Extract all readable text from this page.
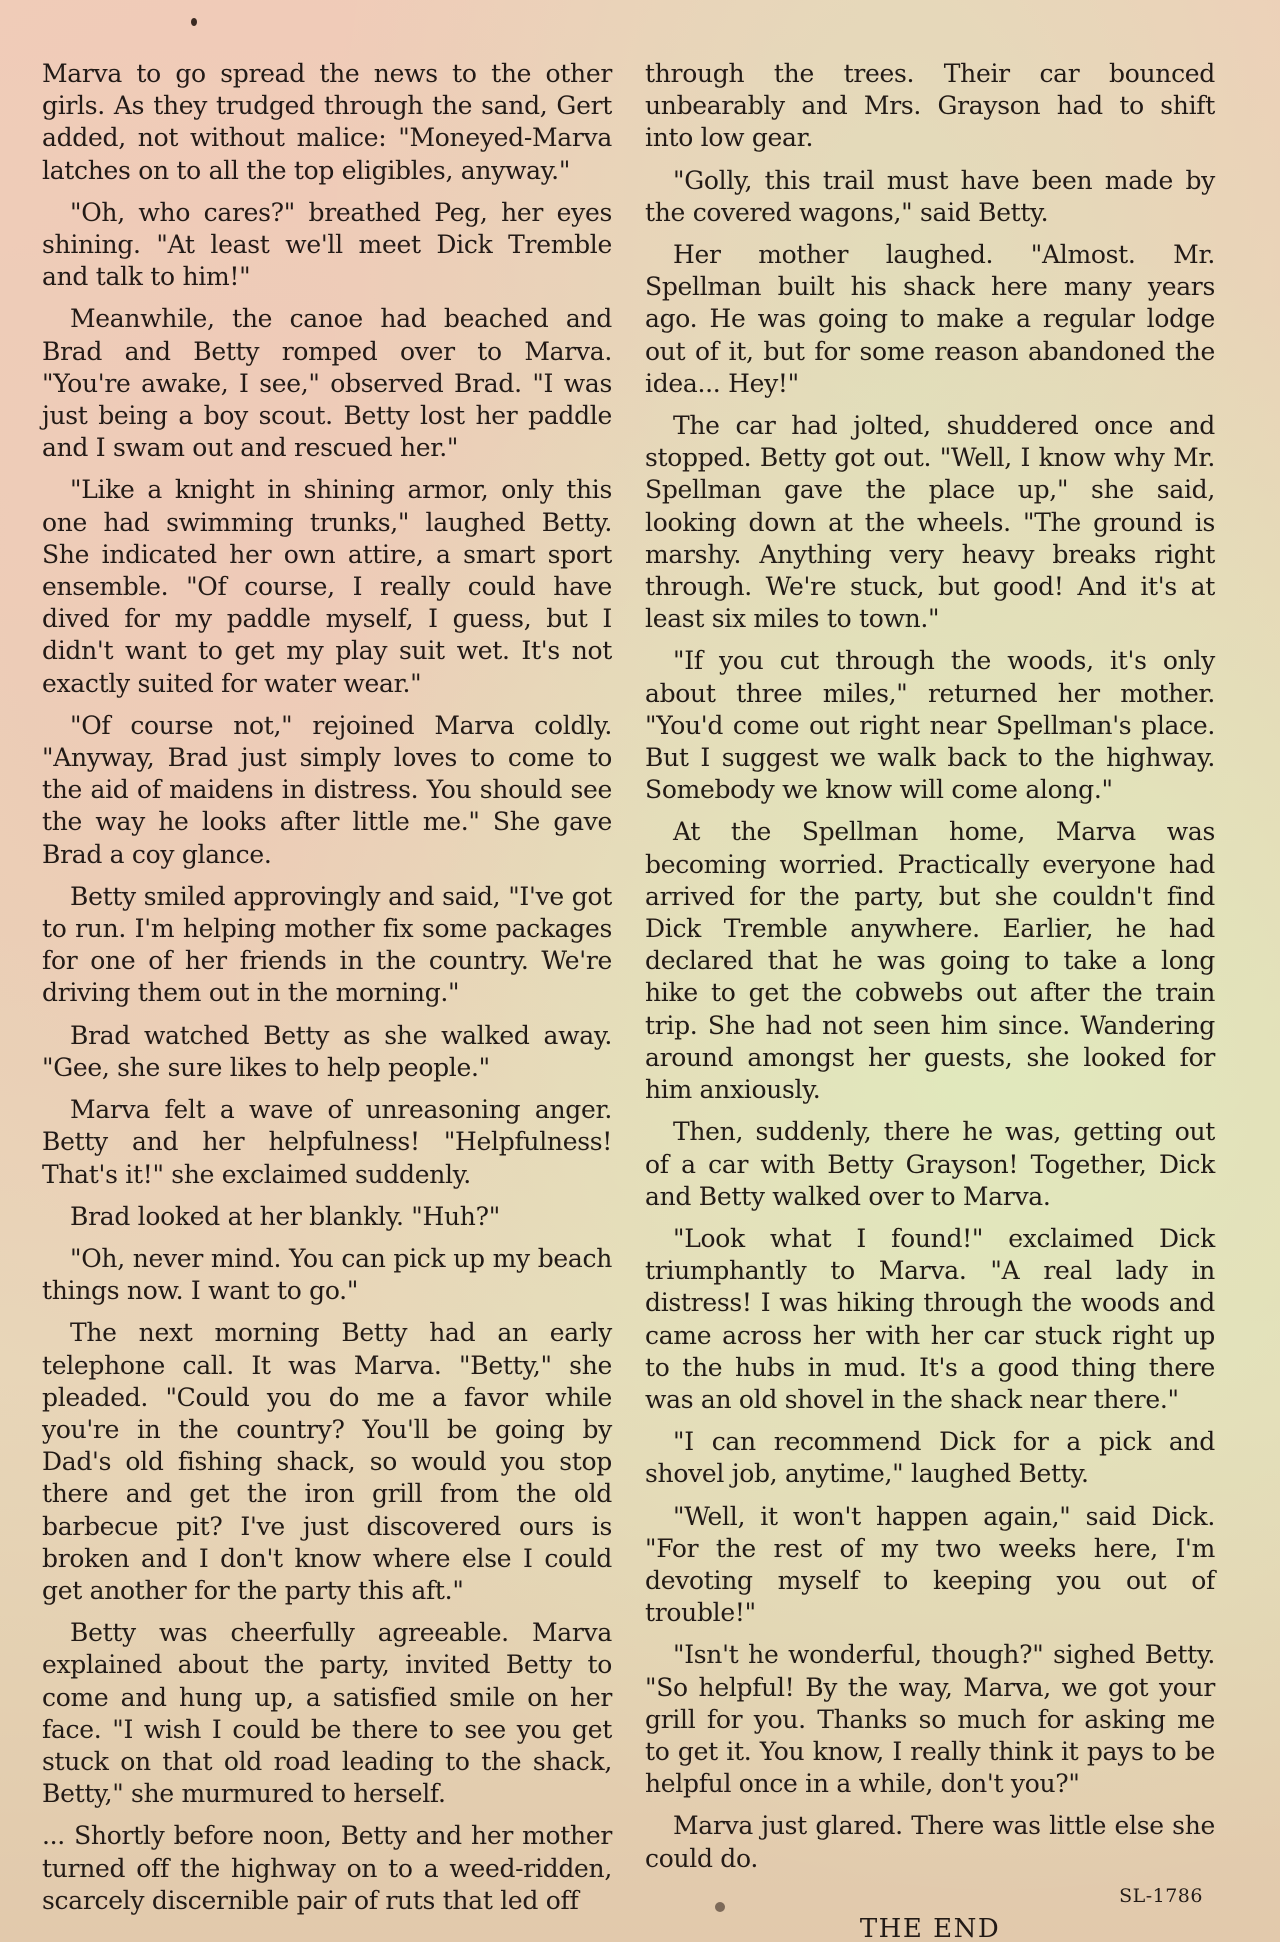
Marva to go spread the news to the other girls. As they trudged through the sand, Gert added, not without malice: "Moneyed-Marva latches on to all the top eligibles, anyway."

"Oh, who cares?" breathed Peg, her eyes shining. "At least we'll meet Dick Tremble and talk to him!"

Meanwhile, the canoe had beached and Brad and Betty romped over to Marva. "You're awake, I see," observed Brad. "I was just being a boy scout. Betty lost her paddle and I swam out and rescued her."

"Like a knight in shining armor, only this one had swimming trunks," laughed Betty. She indicated her own attire, a smart sport ensemble. "Of course, I really could have dived for my paddle myself, I guess, but I didn't want to get my play suit wet. It's not exactly suited for water wear."

"Of course not," rejoined Marva coldly. "Anyway, Brad just simply loves to come to the aid of maidens in distress. You should see the way he looks after little me." She gave Brad a coy glance.

Betty smiled approvingly and said, "I've got to run. I'm helping mother fix some packages for one of her friends in the country. We're driving them out in the morning."

Brad watched Betty as she walked away. "Gee, she sure likes to help people."

Marva felt a wave of unreasoning anger. Betty and her helpfulness! "Helpfulness! That's it!" she exclaimed suddenly.

Brad looked at her blankly. "Huh?"

"Oh, never mind. You can pick up my beach things now. I want to go."

The next morning Betty had an early telephone call. It was Marva. "Betty," she pleaded. "Could you do me a favor while you're in the country? You'll be going by Dad's old fishing shack, so would you stop there and get the iron grill from the old barbecue pit? I've just discovered ours is broken and I don't know where else I could get another for the party this aft."

Betty was cheerfully agreeable. Marva explained about the party, invited Betty to come and hung up, a satisfied smile on her face. "I wish I could be there to see you get stuck on that old road leading to the shack, Betty," she murmured to herself.

... Shortly before noon, Betty and her mother turned off the highway on to a weed-ridden, scarcely discernible pair of ruts that led off

through the trees. Their car bounced unbearably and Mrs. Grayson had to shift into low gear.

"Golly, this trail must have been made by the covered wagons," said Betty.

Her mother laughed. "Almost. Mr. Spellman built his shack here many years ago. He was going to make a regular lodge out of it, but for some reason abandoned the idea... Hey!"

The car had jolted, shuddered once and stopped. Betty got out. "Well, I know why Mr. Spellman gave the place up," she said, looking down at the wheels. "The ground is marshy. Anything very heavy breaks right through. We're stuck, but good! And it's at least six miles to town."

"If you cut through the woods, it's only about three miles," returned her mother. "You'd come out right near Spellman's place. But I suggest we walk back to the highway. Somebody we know will come along."

At the Spellman home, Marva was becoming worried. Practically everyone had arrived for the party, but she couldn't find Dick Tremble anywhere. Earlier, he had declared that he was going to take a long hike to get the cobwebs out after the train trip. She had not seen him since. Wandering around amongst her guests, she looked for him anxiously.

Then, suddenly, there he was, getting out of a car with Betty Grayson! Together, Dick and Betty walked over to Marva.

"Look what I found!" exclaimed Dick triumphantly to Marva. "A real lady in distress! I was hiking through the woods and came across her with her car stuck right up to the hubs in mud. It's a good thing there was an old shovel in the shack near there."

"I can recommend Dick for a pick and shovel job, anytime," laughed Betty.

"Well, it won't happen again," said Dick. "For the rest of my two weeks here, I'm devoting myself to keeping you out of trouble!"

"Isn't he wonderful, though?" sighed Betty. "So helpful! By the way, Marva, we got your grill for you. Thanks so much for asking me to get it. You know, I really think it pays to be helpful once in a while, don't you?"

Marva just glared. There was little else she could do.

SL-1786
THE END
